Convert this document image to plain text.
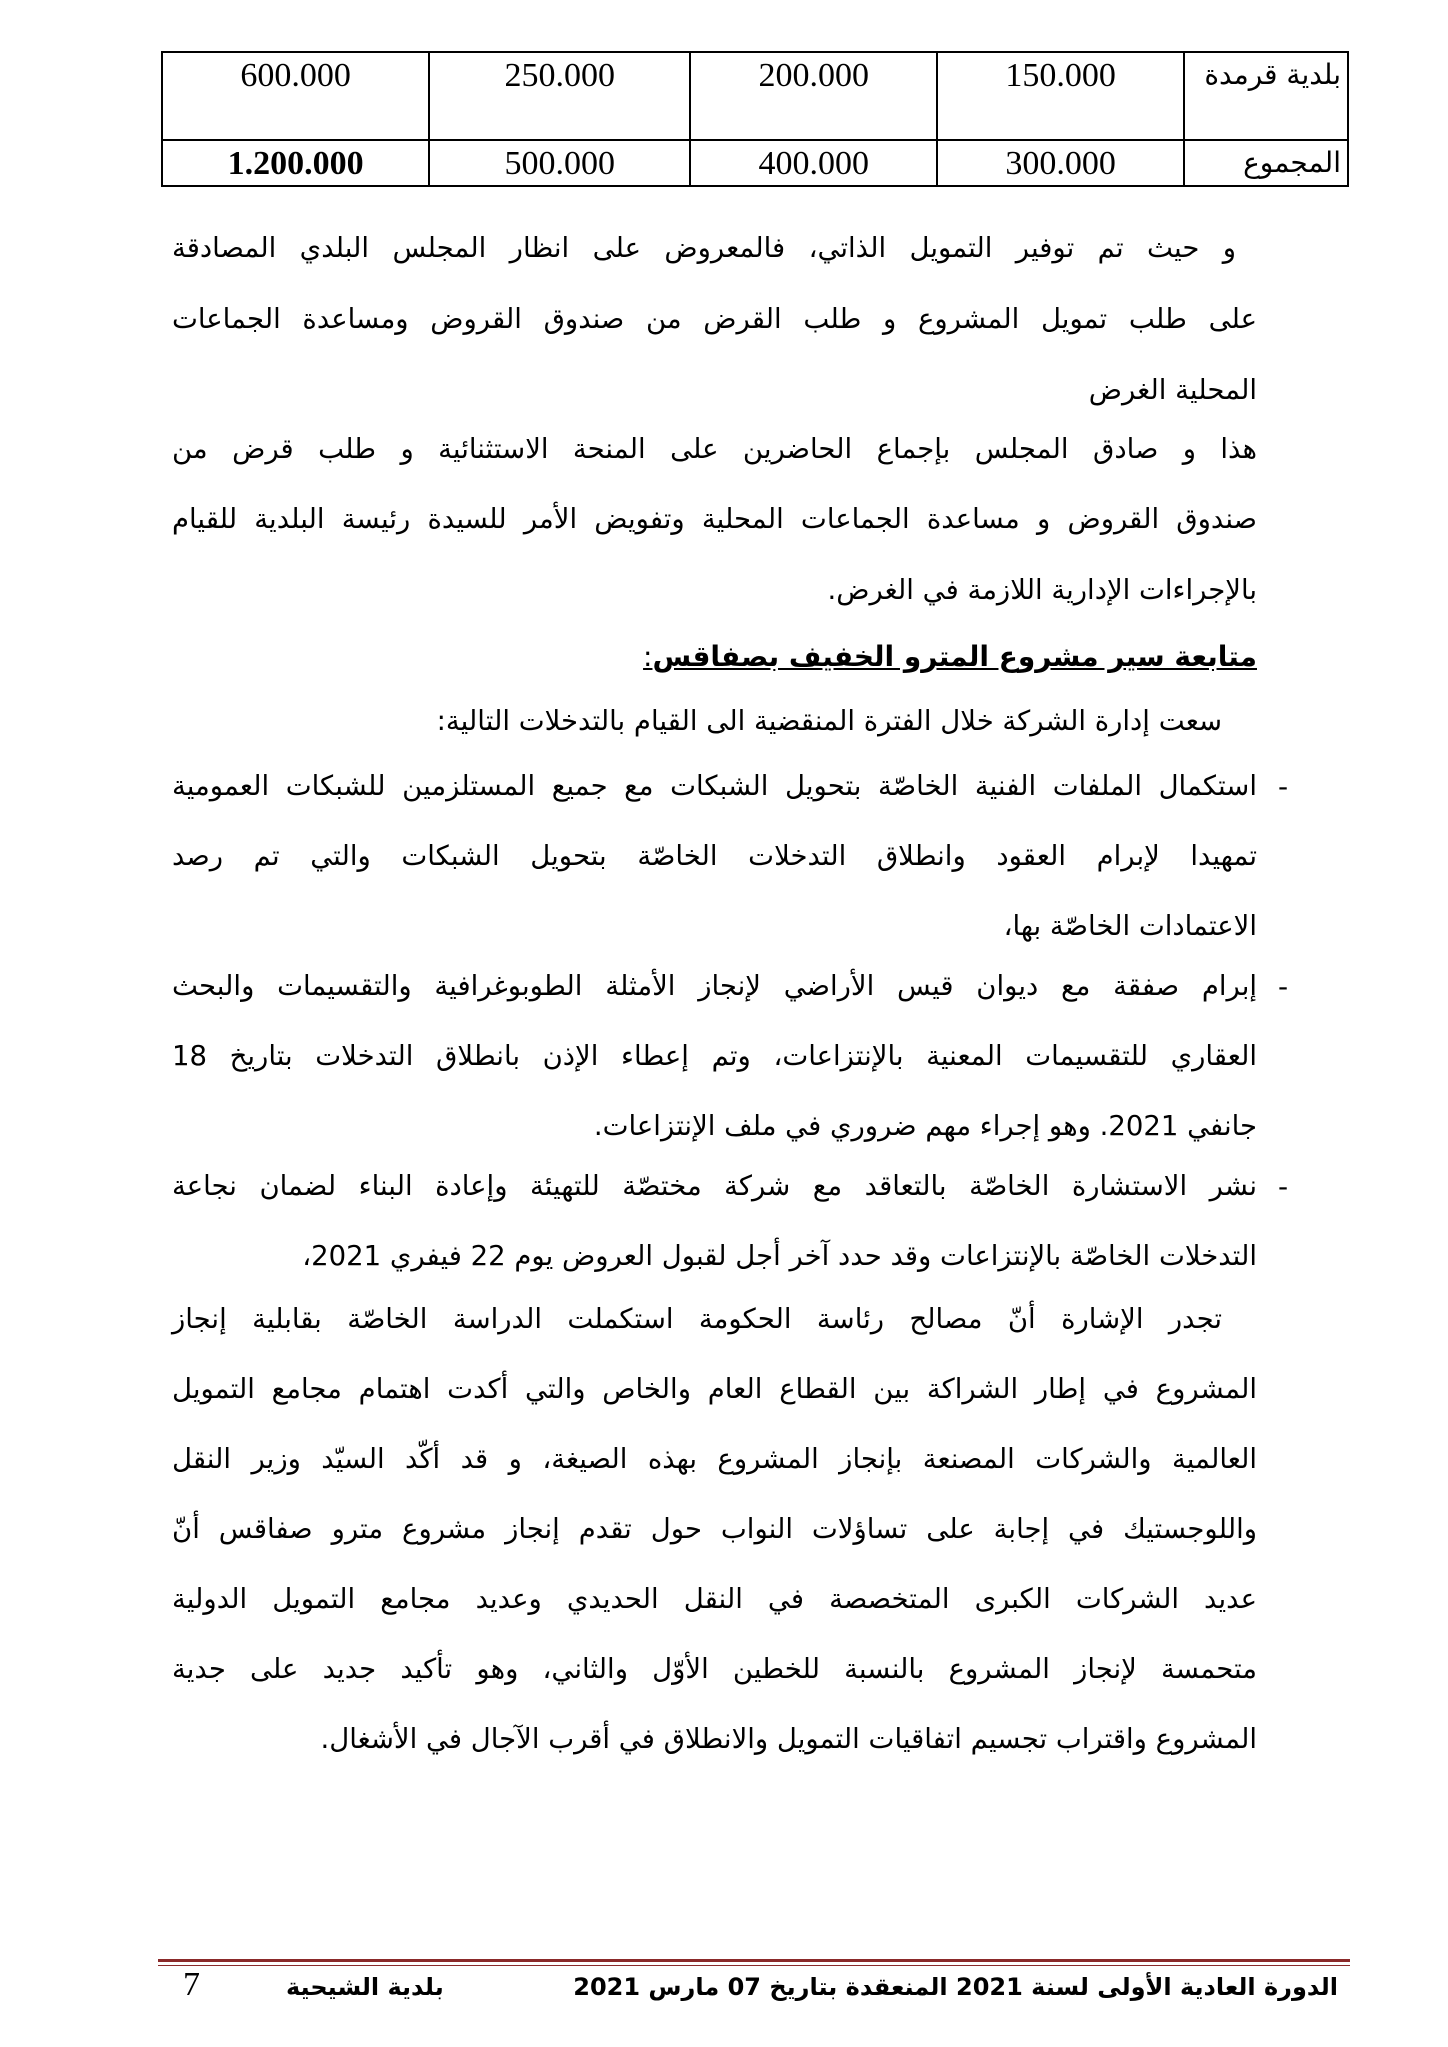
بلدية قرمدة	150.000	200.000	250.000	600.000
المجموع	300.000	400.000	500.000	1.200.000
و حيث تم توفير التمويل الذاتي، فالمعروض على انظار المجلس البلدي المصادقة
على طلب تمويل المشروع و طلب القرض من صندوق القروض ومساعدة الجماعات
المحلية الغرض
هذا و صادق المجلس بإجماع الحاضرين على المنحة الاستثنائية و طلب قرض من
صندوق القروض و مساعدة الجماعات المحلية وتفويض الأمر للسيدة رئيسة البلدية للقيام
بالإجراءات الإدارية اللازمة في الغرض.
متابعة سير مشروع المترو الخفيف بصفاقس:
سعت إدارة الشركة خلال الفترة المنقضية الى القيام بالتدخلات التالية:
-
استكمال الملفات الفنية الخاصّة بتحويل الشبكات مع جميع المستلزمين للشبكات العمومية
تمهيدا لإبرام العقود وانطلاق التدخلات الخاصّة بتحويل الشبكات والتي تم رصد
الاعتمادات الخاصّة بها،
-
إبرام صفقة مع ديوان قيس الأراضي لإنجاز الأمثلة الطوبوغرافية والتقسيمات والبحث
العقاري للتقسيمات المعنية بالإنتزاعات، وتم إعطاء الإذن بانطلاق التدخلات بتاريخ 18
جانفي 2021. وهو إجراء مهم ضروري في ملف الإنتزاعات.
-
نشر الاستشارة الخاصّة بالتعاقد مع شركة مختصّة للتهيئة وإعادة البناء لضمان نجاعة
التدخلات الخاصّة بالإنتزاعات وقد حدد آخر أجل لقبول العروض يوم 22 فيفري 2021،
تجدر الإشارة أنّ مصالح رئاسة الحكومة استكملت الدراسة الخاصّة بقابلية إنجاز
المشروع في إطار الشراكة بين القطاع العام والخاص والتي أكدت اهتمام مجامع التمويل
العالمية والشركات المصنعة بإنجاز المشروع بهذه الصيغة، و قد أكّد السيّد وزير النقل
واللوجستيك في إجابة على تساؤلات النواب حول تقدم إنجاز مشروع مترو صفاقس أنّ
عديد الشركات الكبرى المتخصصة في النقل الحديدي وعديد مجامع التمويل الدولية
متحمسة لإنجاز المشروع بالنسبة للخطين الأوّل والثاني، وهو تأكيد جديد على جدية
المشروع واقتراب تجسيم اتفاقيات التمويل والانطلاق في أقرب الآجال في الأشغال.
الدورة العادية الأولى لسنة 2021 المنعقدة بتاريخ 07 مارس 2021
بلدية الشيحية
7
